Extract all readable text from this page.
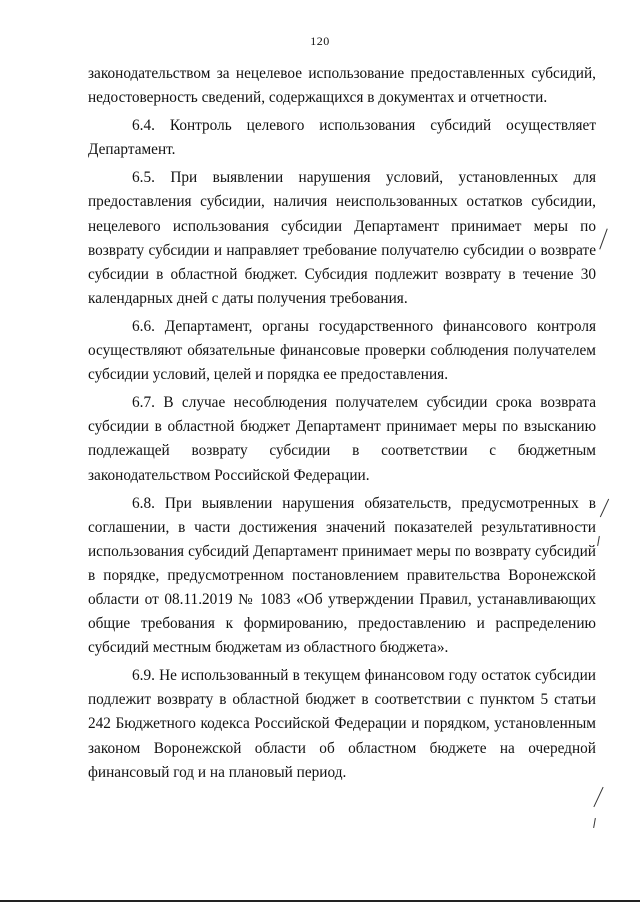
120

законодательством за нецелевое использование предоставленных субсидий, недостоверность сведений, содержащихся в документах и отчетности.

6.4. Контроль целевого использования субсидий осуществляет Департамент.

6.5. При выявлении нарушения условий, установленных для предоставления субсидии, наличия неиспользованных остатков субсидии, нецелевого использования субсидии Департамент принимает меры по возврату субсидии и направляет требование получателю субсидии о возврате субсидии в областной бюджет. Субсидия подлежит возврату в течение 30 календарных дней с даты получения требования.

6.6. Департамент, органы государственного финансового контроля осуществляют обязательные финансовые проверки соблюдения получателем субсидии условий, целей и порядка ее предоставления.

6.7. В случае несоблюдения получателем субсидии срока возврата субсидии в областной бюджет Департамент принимает меры по взысканию подлежащей возврату субсидии в соответствии с бюджетным законодательством Российской Федерации.

6.8. При выявлении нарушения обязательств, предусмотренных в соглашении, в части достижения значений показателей результативности использования субсидий Департамент принимает меры по возврату субсидий в порядке, предусмотренном постановлением правительства Воронежской области от 08.11.2019 № 1083 «Об утверждении Правил, устанавливающих общие требования к формированию, предоставлению и распределению субсидий местным бюджетам из областного бюджета».

6.9. Не использованный в текущем финансовом году остаток субсидии подлежит возврату в областной бюджет в соответствии с пунктом 5 статьи 242 Бюджетного кодекса Российской Федерации и порядком, установленным законом Воронежской области об областном бюджете на очередной финансовый год и на плановый период.
